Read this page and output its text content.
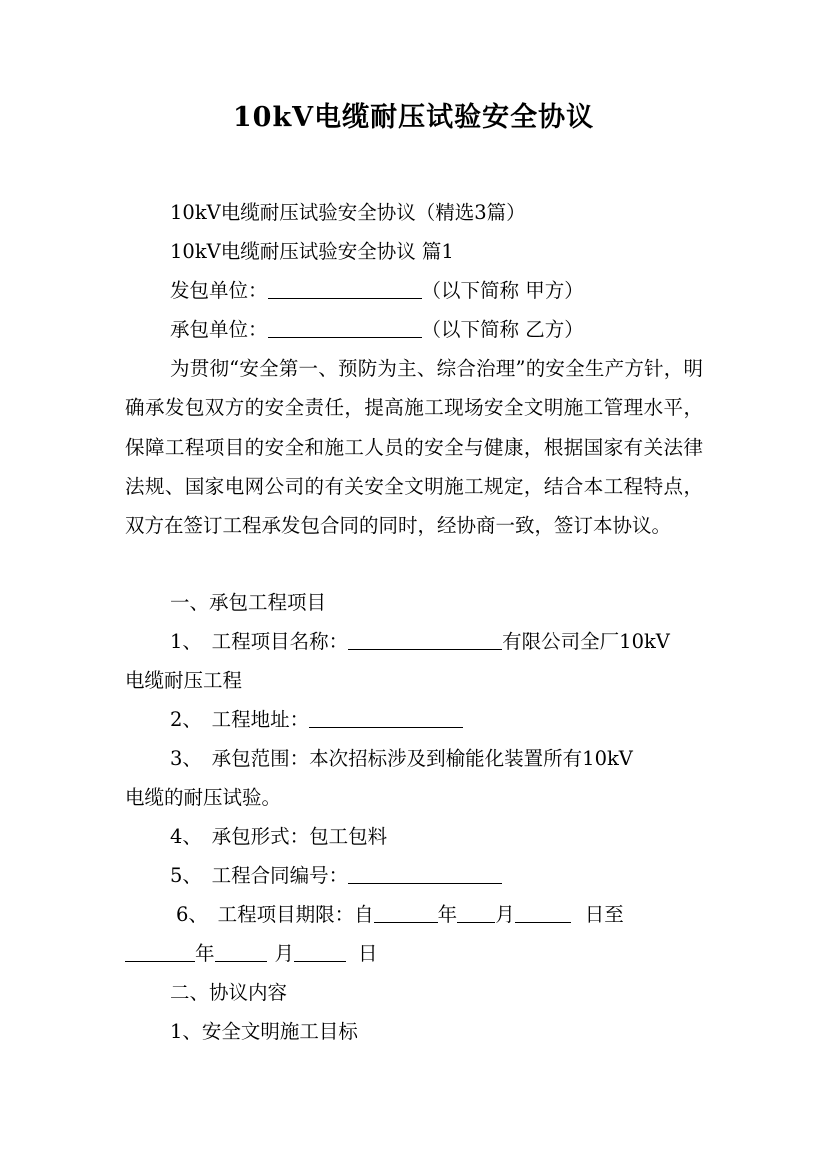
10kV电缆耐压试验安全协议
10kV电缆耐压试验安全协议（精选3篇）
10kV电缆耐压试验安全协议 篇1
发包单位：	（以下简称 甲方）
承包单位：	（以下简称 乙方）
为贯彻“安全第一、预防为主、综合治理”的安全生产方针，明确承发包双方的安全责任，提高施工现场安全文明施工管理水平，保障工程项目的安全和施工人员的安全与健康，根据国家有关法律法规、国家电网公司的有关安全文明施工规定，结合本工程特点，双方在签订工程承发包合同的同时，经协商一致，签订本协议。
一、承包工程项目
1、　工程项目名称：	有限公司全厂10kV
电缆耐压工程
2、　工程地址：
3、　承包范围：本次招标涉及到榆能化装置所有10kV
电缆的耐压试验。
4、　承包形式：包工包料
5、　工程合同编号：
6、　工程项目期限：自	年 月	日至
年	月	日
二、协议内容
1、安全文明施工目标
